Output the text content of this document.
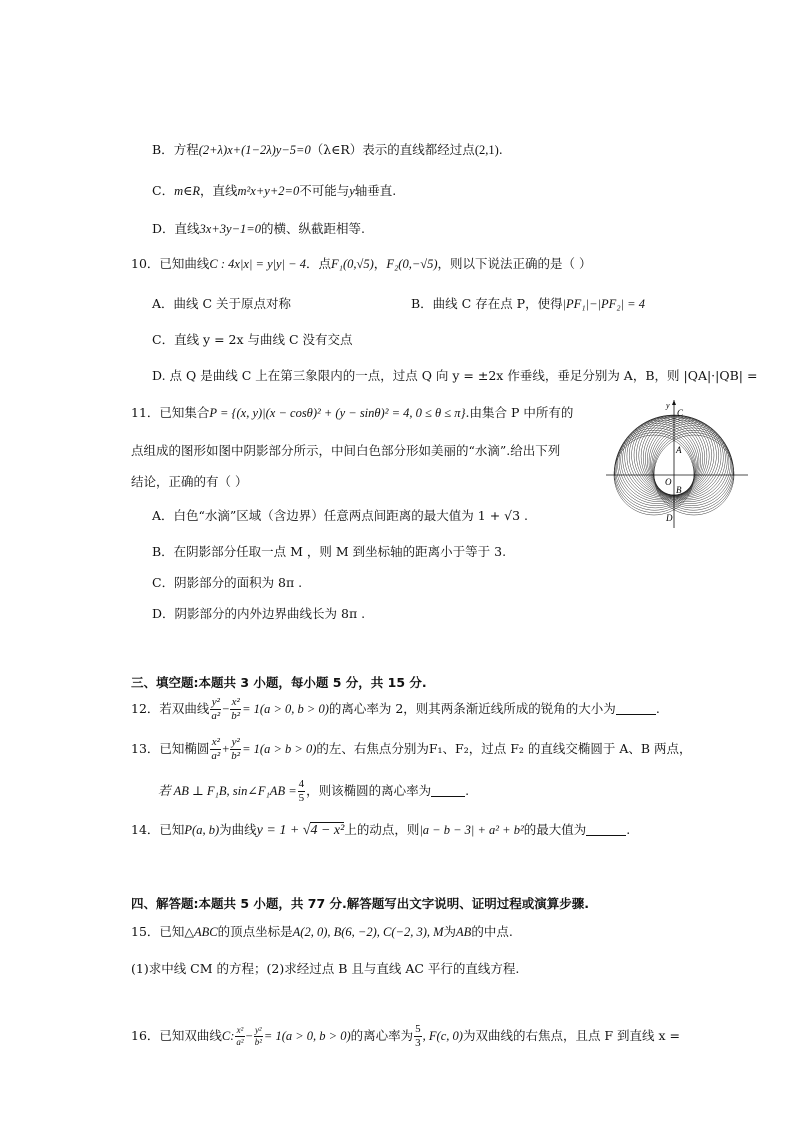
B．方程(2+λ)x+(1−2λ)y−5=0（λ∈R）表示的直线都经过点(2,1).
C．m∈R，直线m²x+y+2=0不可能与y轴垂直.
D．直线3x+3y−1=0的横、纵截距相等.
10．已知曲线C : 4x|x| = y|y| − 4．点F₁(0,√5)，F₂(0,−√5)，则以下说法正确的是（ ）
A．曲线 C 关于原点对称	B．曲线 C 存在点 P，使得|PF₁|−|PF₂| = 4
C．直线 y = 2x 与曲线 C 没有交点
D. 点 Q 是曲线 C 上在第三象限内的一点，过点 Q 向 y = ±2x 作垂线，垂足分别为 A，B，则 |QA|·|QB| =
11．已知集合P = {(x, y)|(x − cosθ)² + (y − sinθ)² = 4, 0 ≤ θ ≤ π}.由集合 P 中所有的
点组成的图形如图中阴影部分所示，中间白色部分形如美丽的“水滴”.给出下列
结论，正确的有（ ）
A．白色“水滴”区域（含边界）任意两点间距离的最大值为 1 + √3 .
B．在阴影部分任取一点 M ，则 M 到坐标轴的距离小于等于 3.
C．阴影部分的面积为 8π .
D．阴影部分的内外边界曲线长为 8π .
y
C
A
O
B
D
三、填空题:本题共 3 小题，每小题 5 分，共 15 分.
12．若双曲线 $\frac{\text{y²}}{\text{a²}} - \frac{\text{x²}}{\text{b²}} = 1(a > 0$, b > 0)的离心率为 2，则其两条渐近线所成的锐角的大小为	.
13．已知椭圆 $\frac{\text{x²}}{\text{a²}} + \frac{\text{y²}}{\text{b²}} = 1(a > b > 0)$的左、右焦点分别为F₁、F₂，过点 F₂ 的直线交椭圆于 A、B 两点，
若 AB ⊥ F₁B, sin∠F₁AB = $\frac{4}{5}$ ，则该椭圆的离心率为	.
14．已知P(a, b)为曲线y = 1 + √4 − x²上的动点，则|a − b − 3| + a² + b²的最大值为	.
四、解答题:本题共 5 小题，共 77 分.解答题写出文字说明、证明过程或演算步骤.
15．已知△ABC的顶点坐标是A(2, 0), B(6, −2), C(−2, 3), M为AB的中点.
(1)求中线 CM 的方程；(2)求经过点 B 且与直线 AC 平行的直线方程.
16．已知双曲线C: $\frac{\text{x²}}{\text{a²}} - \frac{\text{y²}}{\text{b²}} = 1(a > 0$, b > 0)的离心率为 $\frac{5}{3}$ , F(c, 0)为双曲线的右焦点，且点 F 到直线 x =
